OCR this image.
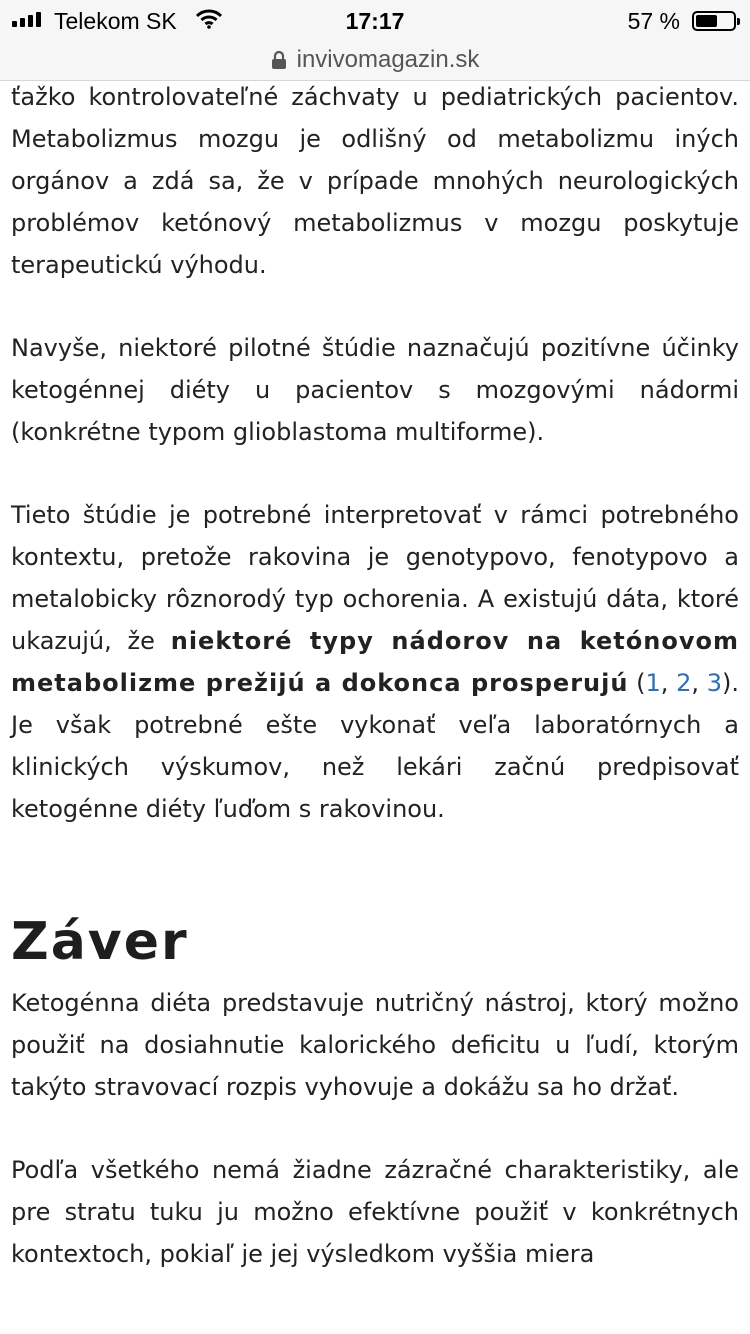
Telekom SK	17:17	57 %
invivomagazin.sk

ťažko kontrolovateľné záchvaty u pediatrických pacientov. Metabolizmus mozgu je odlišný od metabolizmu iných orgánov a zdá sa, že v prípade mnohých neurologických problémov ketónový metabolizmus v mozgu poskytuje terapeutickú výhodu.

Navyše, niektoré pilotné štúdie naznačujú pozitívne účinky ketogénnej diéty u pacientov s mozgovými nádormi (konkrétne typom glioblastoma multiforme).

Tieto štúdie je potrebné interpretovať v rámci potrebného kontextu, pretože rakovina je genotypovo, fenotypovo a metalobicky rôznorodý typ ochorenia. A existujú dáta, ktoré ukazujú, že niektoré typy nádorov na ketónovom metabolizme prežijú a dokonca prosperujú (1, 2, 3). Je však potrebné ešte vykonať veľa laboratórnych a klinických výskumov, než lekári začnú predpisovať ketogénne diéty ľuďom s rakovinou.

Záver

Ketogénna diéta predstavuje nutričný nástroj, ktorý možno použiť na dosiahnutie kalorického deficitu u ľudí, ktorým takýto stravovací rozpis vyhovuje a dokážu sa ho držať.

Podľa všetkého nemá žiadne zázračné charakteristiky, ale pre stratu tuku ju možno efektívne použiť v konkrétnych kontextoch, pokiaľ je jej výsledkom vyššia miera
